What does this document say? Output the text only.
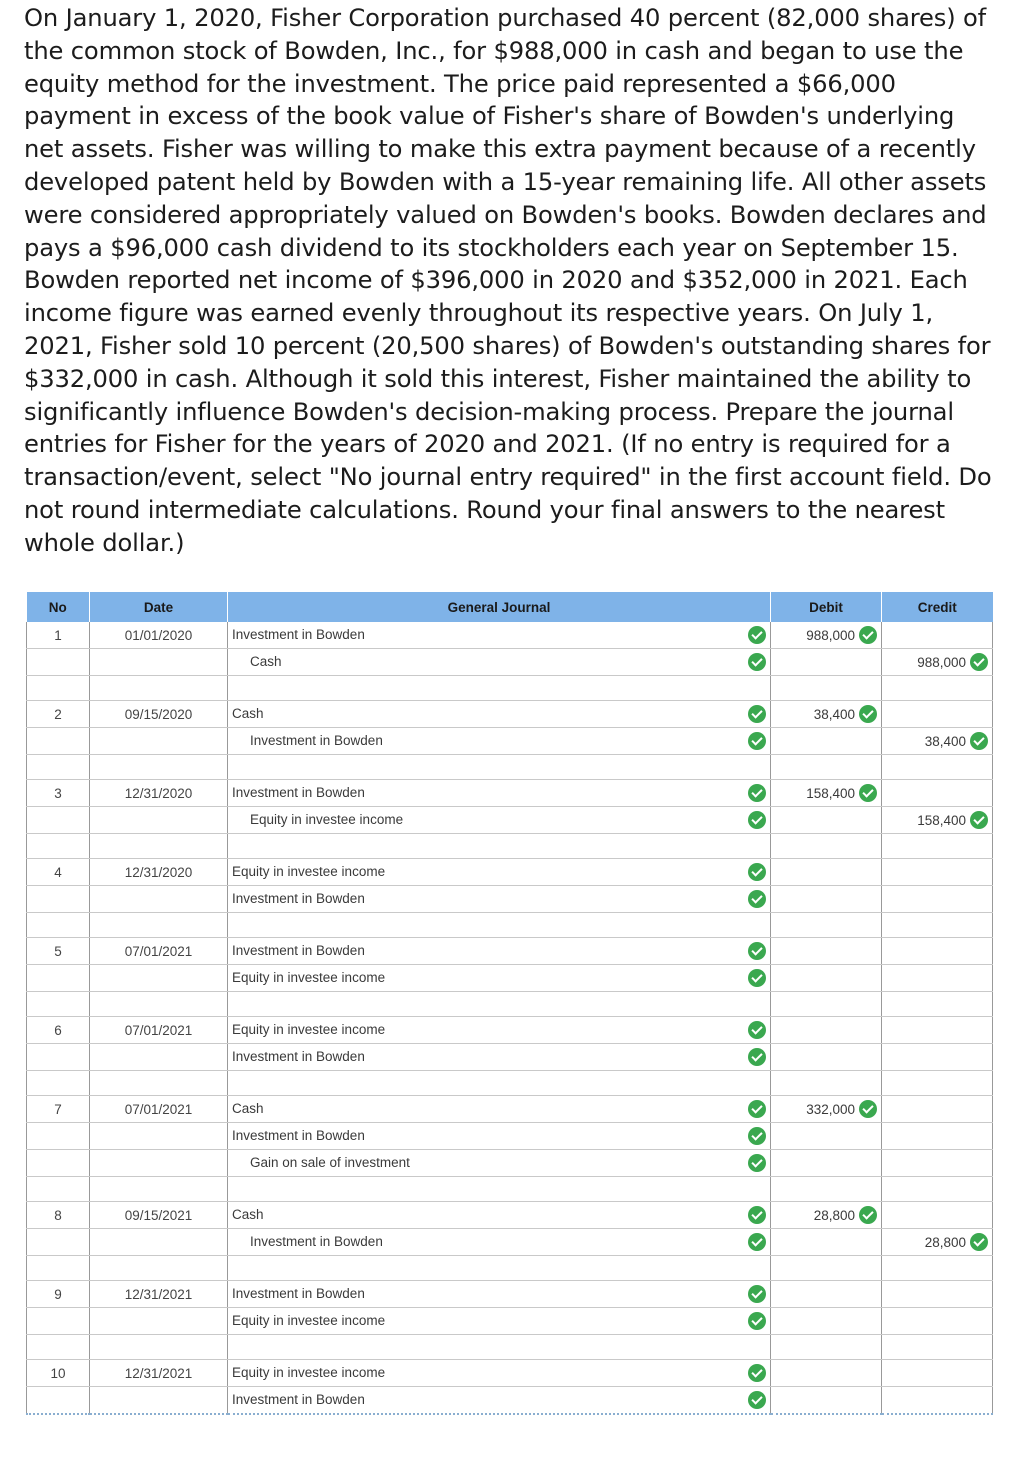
On January 1, 2020, Fisher Corporation purchased 40 percent (82,000 shares) of the common stock of Bowden, Inc., for $988,000 in cash and began to use the equity method for the investment. The price paid represented a $66,000 payment in excess of the book value of Fisher's share of Bowden's underlying net assets. Fisher was willing to make this extra payment because of a recently developed patent held by Bowden with a 15-year remaining life. All other assets were considered appropriately valued on Bowden's books. Bowden declares and pays a $96,000 cash dividend to its stockholders each year on September 15. Bowden reported net income of $396,000 in 2020 and $352,000 in 2021. Each income figure was earned evenly throughout its respective years. On July 1, 2021, Fisher sold 10 percent (20,500 shares) of Bowden's outstanding shares for $332,000 in cash. Although it sold this interest, Fisher maintained the ability to significantly influence Bowden's decision-making process. Prepare the journal entries for Fisher for the years of 2020 and 2021. (If no entry is required for a transaction/event, select "No journal entry required" in the first account field. Do not round intermediate calculations. Round your final answers to the nearest whole dollar.)
No	Date	General Journal	Debit	Credit
1	01/01/2020	Investment in Bowden	988,000	

		Cash		988,000

2	09/15/2020	Cash	38,400	

		Investment in Bowden		38,400

3	12/31/2020	Investment in Bowden	158,400	

		Equity in investee income		158,400

4	12/31/2020	Equity in investee income		

		Investment in Bowden		

5	07/01/2021	Investment in Bowden		

		Equity in investee income		

6	07/01/2021	Equity in investee income		

		Investment in Bowden		

7	07/01/2021	Cash	332,000	

		Investment in Bowden		

		Gain on sale of investment		

8	09/15/2021	Cash	28,800	

		Investment in Bowden		28,800

9	12/31/2021	Investment in Bowden		

		Equity in investee income		

10	12/31/2021	Equity in investee income		

		Investment in Bowden		
